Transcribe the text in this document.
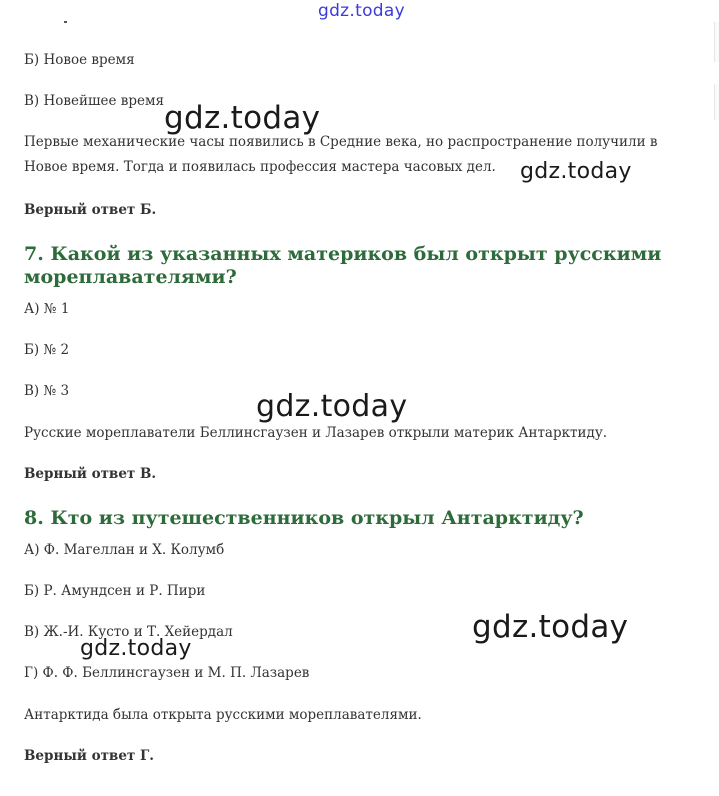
gdz.today
Б) Новое время
В) Новейшее время
Первые механические часы появились в Средние века, но распространение получили в Новое время. Тогда и появилась профессия мастера часовых дел.
Верный ответ Б.
7. Какой из указанных материков был открыт русскими мореплавателями?
А) № 1
Б) № 2
В) № 3
Русские мореплаватели Беллинсгаузен и Лазарев открыли материк Антарктиду.
Верный ответ В.
8. Кто из путешественников открыл Антарктиду?
А) Ф. Магеллан и Х. Колумб
Б) Р. Амундсен и Р. Пири
В) Ж.-И. Кусто и Т. Хейердал
Г) Ф. Ф. Беллинсгаузен и М. П. Лазарев
Антарктида была открыта русскими мореплавателями.
Верный ответ Г.
gdz.today
gdz.today
gdz.today
gdz.today
gdz.today
